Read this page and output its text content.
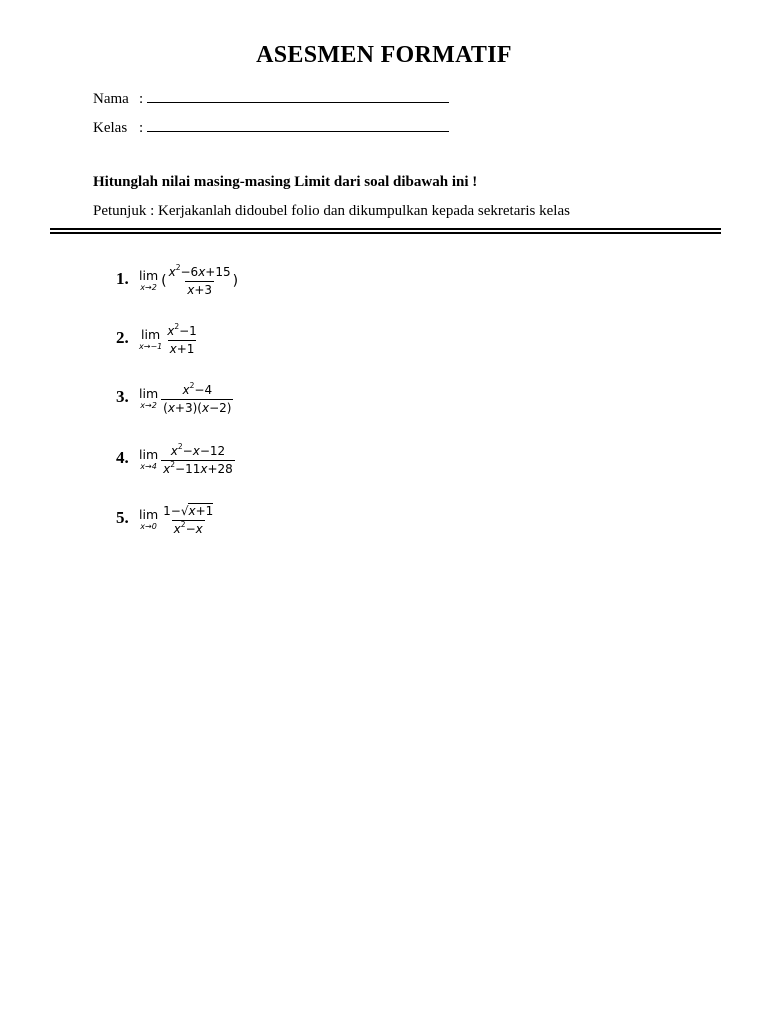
ASESMEN FORMATIF
Nama :
Kelas :
Hitunglah nilai masing-masing Limit dari soal dibawah ini !
Petunjuk : Kerjakanlah didoubel folio dan dikumpulkan kepada sekretaris kelas
1. lim
x→2 ( $\frac{x^2-6x+15}{x+3}$ )
2. lim
$x\to-1 \frac{x^2-1}{x+1}$
3. lim
$x\to 2 \frac{x^2-4}{(x+3)(x-2)}$
4. lim
$x\to 4 \frac{x^2-x-12}{x^2-11x+28}$
5. lim
$x\to 0 \frac{1-√x+1}{x^2-x}$
